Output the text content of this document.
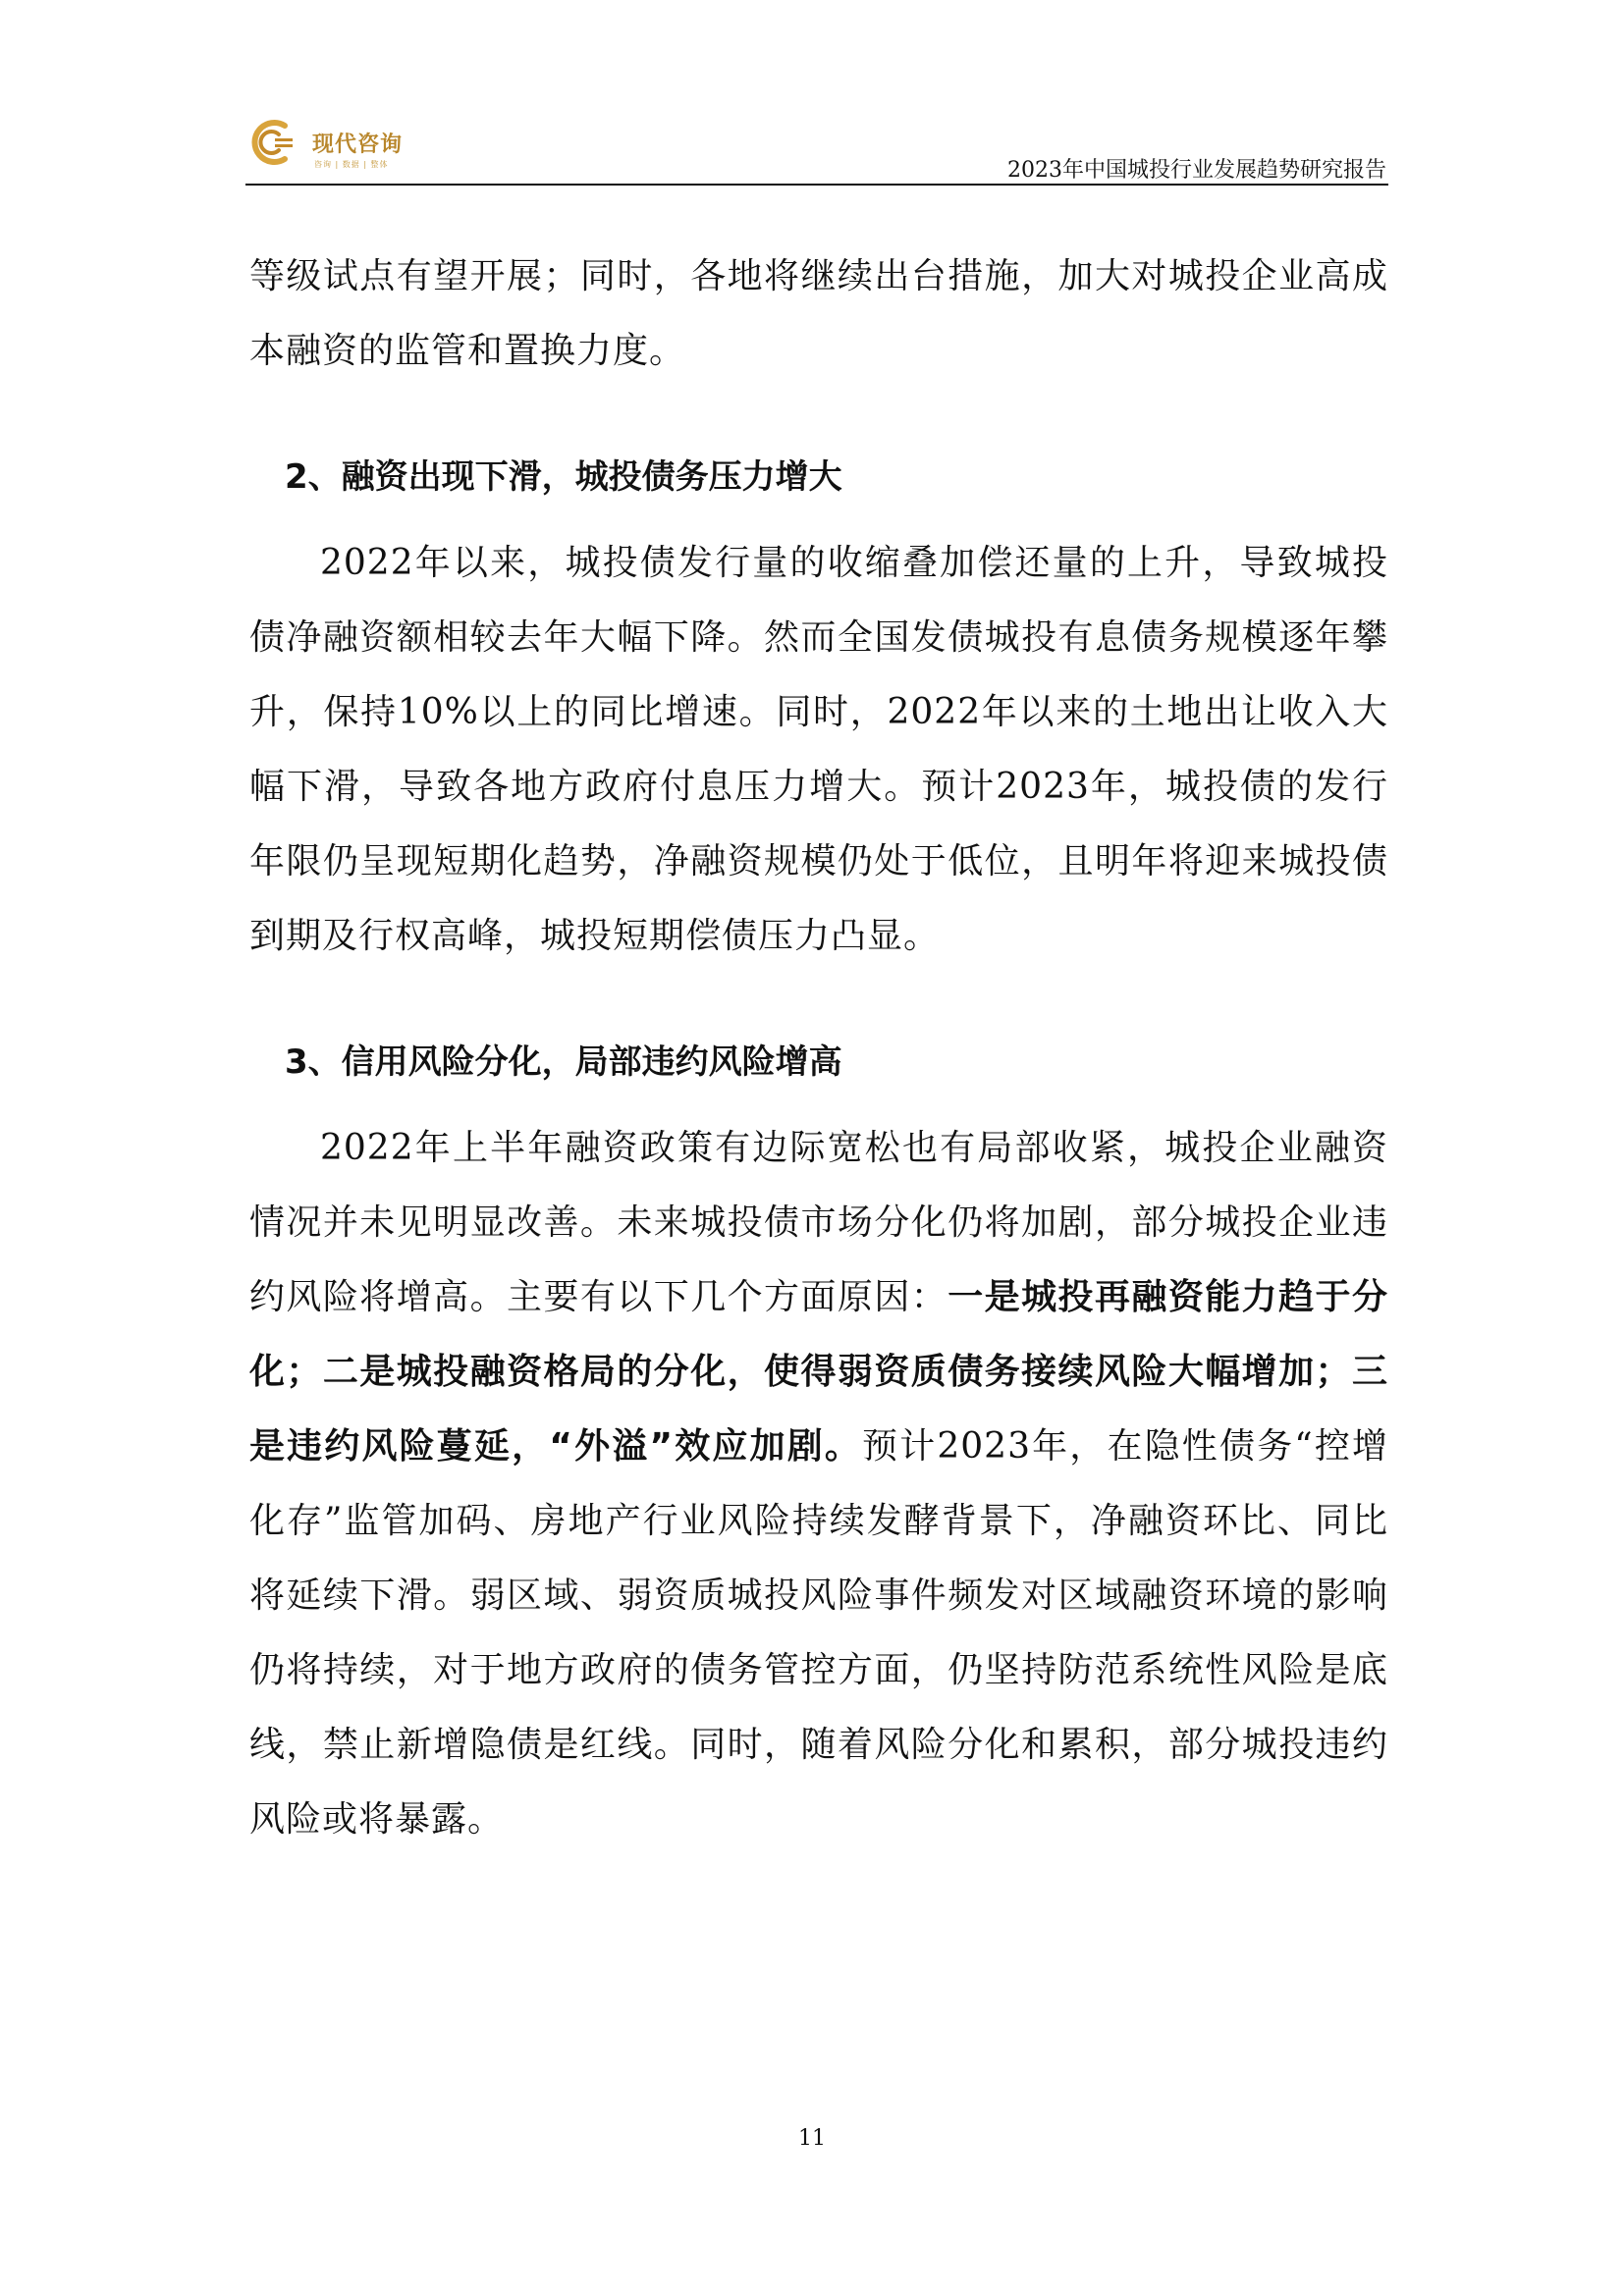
现代咨询
咨询 | 数据 | 整体	2023年中国城投行业发展趋势研究报告

等级试点有望开展；同时，各地将继续出台措施，加大对城投企业高成本融资的监管和置换力度。

2、融资出现下滑，城投债务压力增大

2022年以来，城投债发行量的收缩叠加偿还量的上升，导致城投债净融资额相较去年大幅下降。然而全国发债城投有息债务规模逐年攀升，保持10%以上的同比增速。同时，2022年以来的土地出让收入大幅下滑，导致各地方政府付息压力增大。预计2023年，城投债的发行年限仍呈现短期化趋势，净融资规模仍处于低位，且明年将迎来城投债到期及行权高峰，城投短期偿债压力凸显。

3、信用风险分化，局部违约风险增高

2022年上半年融资政策有边际宽松也有局部收紧，城投企业融资情况并未见明显改善。未来城投债市场分化仍将加剧，部分城投企业违约风险将增高。主要有以下几个方面原因：一是城投再融资能力趋于分化；二是城投融资格局的分化，使得弱资质债务接续风险大幅增加；三是违约风险蔓延，“外溢”效应加剧。预计2023年，在隐性债务“控增化存”监管加码、房地产行业风险持续发酵背景下，净融资环比、同比将延续下滑。弱区域、弱资质城投风险事件频发对区域融资环境的影响仍将持续，对于地方政府的债务管控方面，仍坚持防范系统性风险是底线，禁止新增隐债是红线。同时，随着风险分化和累积，部分城投违约风险或将暴露。

11
